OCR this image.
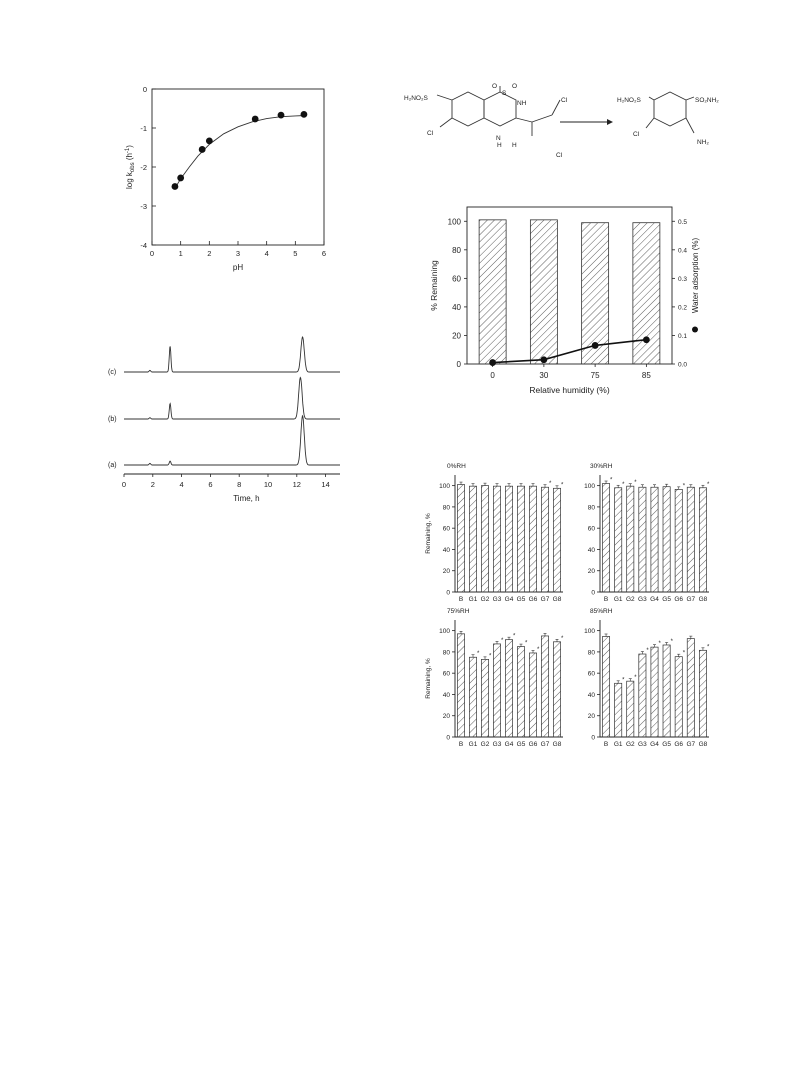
H₂NO₂S
O O
S
NH
Cl
N
H H
Cl
Cl
H₂NO₂S	SO₂NH₂
Cl
NH₂
0	1	2	3	4	5	6
-4
-3
-2
-1
0
pH
$\log k_{obs}$ $(h^{-1})$
(c)
(b)
(a)
0	2	4	6	8	10	12	14
Time, h
0	30	75	85
0
20
40
60
80
100
0.0
0.1
0.2
0.3
0.4
0.5
Relative humidity (%)
% Remaining	Water adsorption (%)
0%RH
0
20
40
60
80
100
B G1 G2 G3 G4 G5 G6
*
G7
*
G8
Remaining, %
30%RH
0
20
40
60
80
100
*
B
*
G1
*
G2 G3 G4 G5
*
G6 G7
*
G8
75%RH
0
20
40
60
80
100
B
*
G1
*
G2
*
G3
*
G4
*
G5
*
G6 G7
*
G8
Remaining, %
85%RH
0
20
40
60
80
100
B
*
G1
*
G2
*
G3
*
G4
*
G5
*
G6 G7
*
G8
